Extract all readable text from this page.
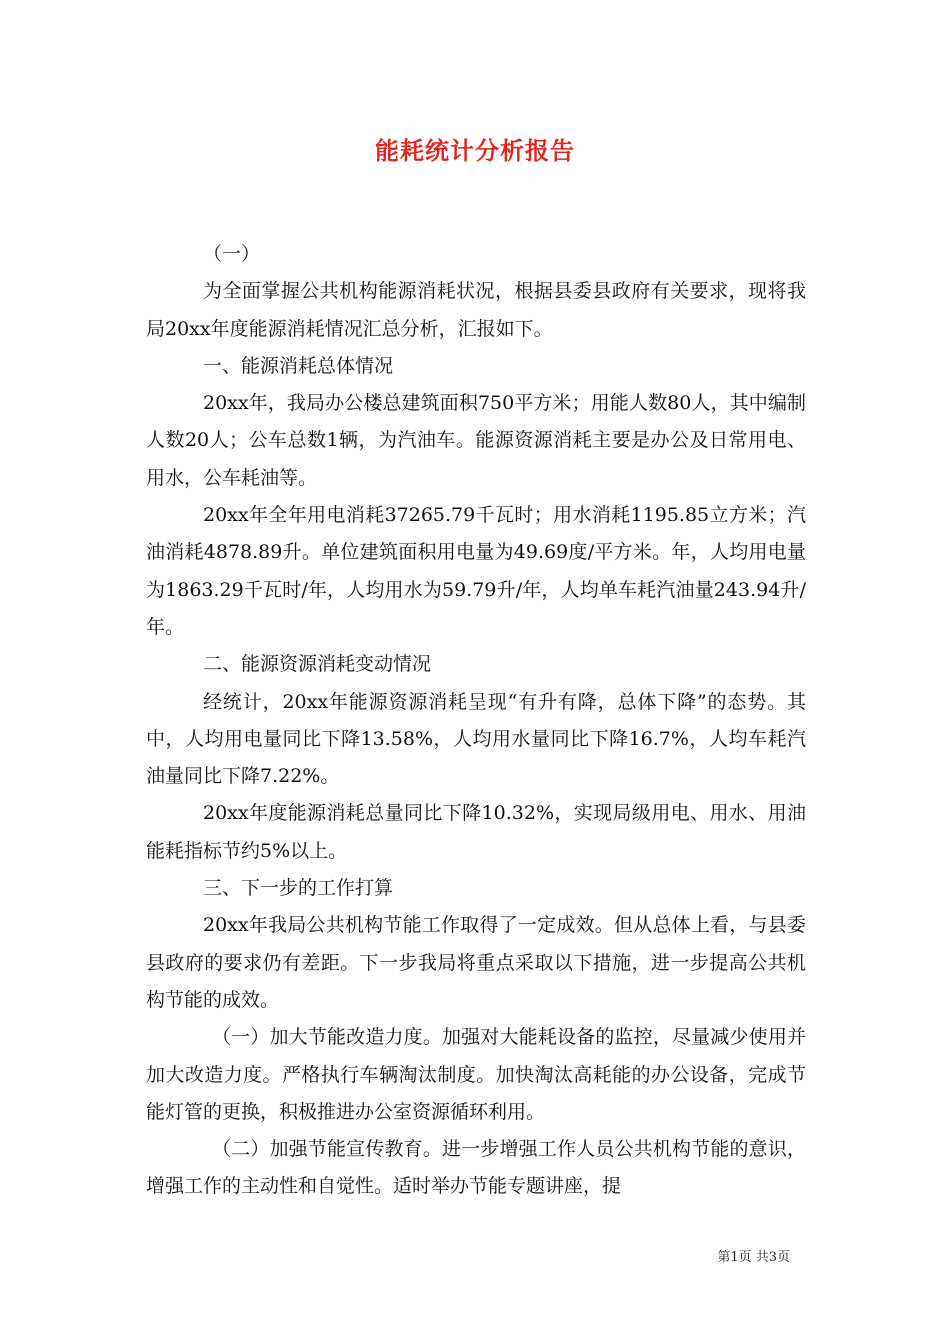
能耗统计分析报告

（一）

为全面掌握公共机构能源消耗状况，根据县委县政府有关要求，现将我局20xx年度能源消耗情况汇总分析，汇报如下。

一、能源消耗总体情况

20xx年，我局办公楼总建筑面积750平方米；用能人数80人，其中编制人数20人；公车总数1辆，为汽油车。能源资源消耗主要是办公及日常用电、用水，公车耗油等。

20xx年全年用电消耗37265.79千瓦时；用水消耗1195.85立方米；汽油消耗4878.89升。单位建筑面积用电量为49.69度/平方米。年，人均用电量为1863.29千瓦时/年，人均用水为59.79升/年，人均单车耗汽油量243.94升/年。

二、能源资源消耗变动情况

经统计，20xx年能源资源消耗呈现“有升有降，总体下降”的态势。其中，人均用电量同比下降13.58%，人均用水量同比下降16.7%，人均车耗汽油量同比下降7.22%。

20xx年度能源消耗总量同比下降10.32%，实现局级用电、用水、用油能耗指标节约5%以上。

三、下一步的工作打算

20xx年我局公共机构节能工作取得了一定成效。但从总体上看，与县委县政府的要求仍有差距。下一步我局将重点采取以下措施，进一步提高公共机构节能的成效。

（一）加大节能改造力度。加强对大能耗设备的监控，尽量减少使用并加大改造力度。严格执行车辆淘汰制度。加快淘汰高耗能的办公设备，完成节能灯管的更换，积极推进办公室资源循环利用。

（二）加强节能宣传教育。进一步增强工作人员公共机构节能的意识，增强工作的主动性和自觉性。适时举办节能专题讲座，提

第1页 共3页
